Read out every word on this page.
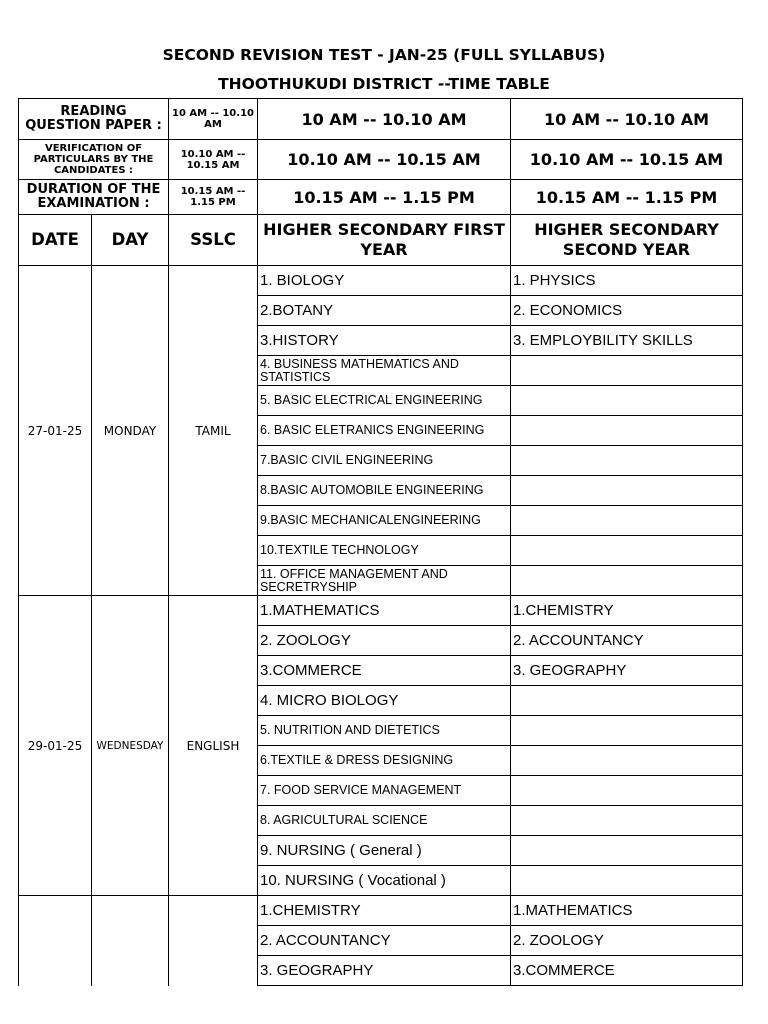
SECOND REVISION TEST - JAN-25 (FULL SYLLABUS)
THOOTHUKUDI DISTRICT --TIME TABLE
READING QUESTION PAPER :		10 AM -- 10.10 AM	10 AM -- 10.10 AM	10 AM -- 10.10 AM
VERIFICATION OF PARTICULARS BY THE CANDIDATES :		10.10 AM -- 10.15 AM	10.10 AM -- 10.15 AM	10.10 AM -- 10.15 AM
DURATION OF THE EXAMINATION :		10.15 AM -- 1.15 PM	10.15 AM -- 1.15 PM	10.15 AM -- 1.15 PM
DATE	DAY	SSLC	HIGHER SECONDARY FIRST YEAR	HIGHER SECONDARY SECOND YEAR
27-01-25	MONDAY	TAMIL	1. BIOLOGY	1. PHYSICS
			2.BOTANY	2. ECONOMICS
			3.HISTORY	3. EMPLOYBILITY SKILLS
			4. BUSINESS MATHEMATICS AND STATISTICS	
			5. BASIC ELECTRICAL ENGINEERING	
			6. BASIC ELETRANICS ENGINEERING	
			7.BASIC CIVIL ENGINEERING	
			8.BASIC AUTOMOBILE ENGINEERING	
			9.BASIC MECHANICALENGINEERING	
			10.TEXTILE TECHNOLOGY	
			11. OFFICE MANAGEMENT AND SECRETRYSHIP	
29-01-25	WEDNESDAY	ENGLISH	1.MATHEMATICS	1.CHEMISTRY
			2. ZOOLOGY	2. ACCOUNTANCY
			3.COMMERCE	3. GEOGRAPHY
			4. MICRO BIOLOGY	
			5. NUTRITION AND DIETETICS	
			6.TEXTILE & DRESS DESIGNING	
			7. FOOD SERVICE MANAGEMENT	
			8. AGRICULTURAL SCIENCE	
			9. NURSING ( General )	
			10. NURSING ( Vocational )	
			1.CHEMISTRY	1.MATHEMATICS
			2. ACCOUNTANCY	2. ZOOLOGY
			3. GEOGRAPHY	3.COMMERCE
